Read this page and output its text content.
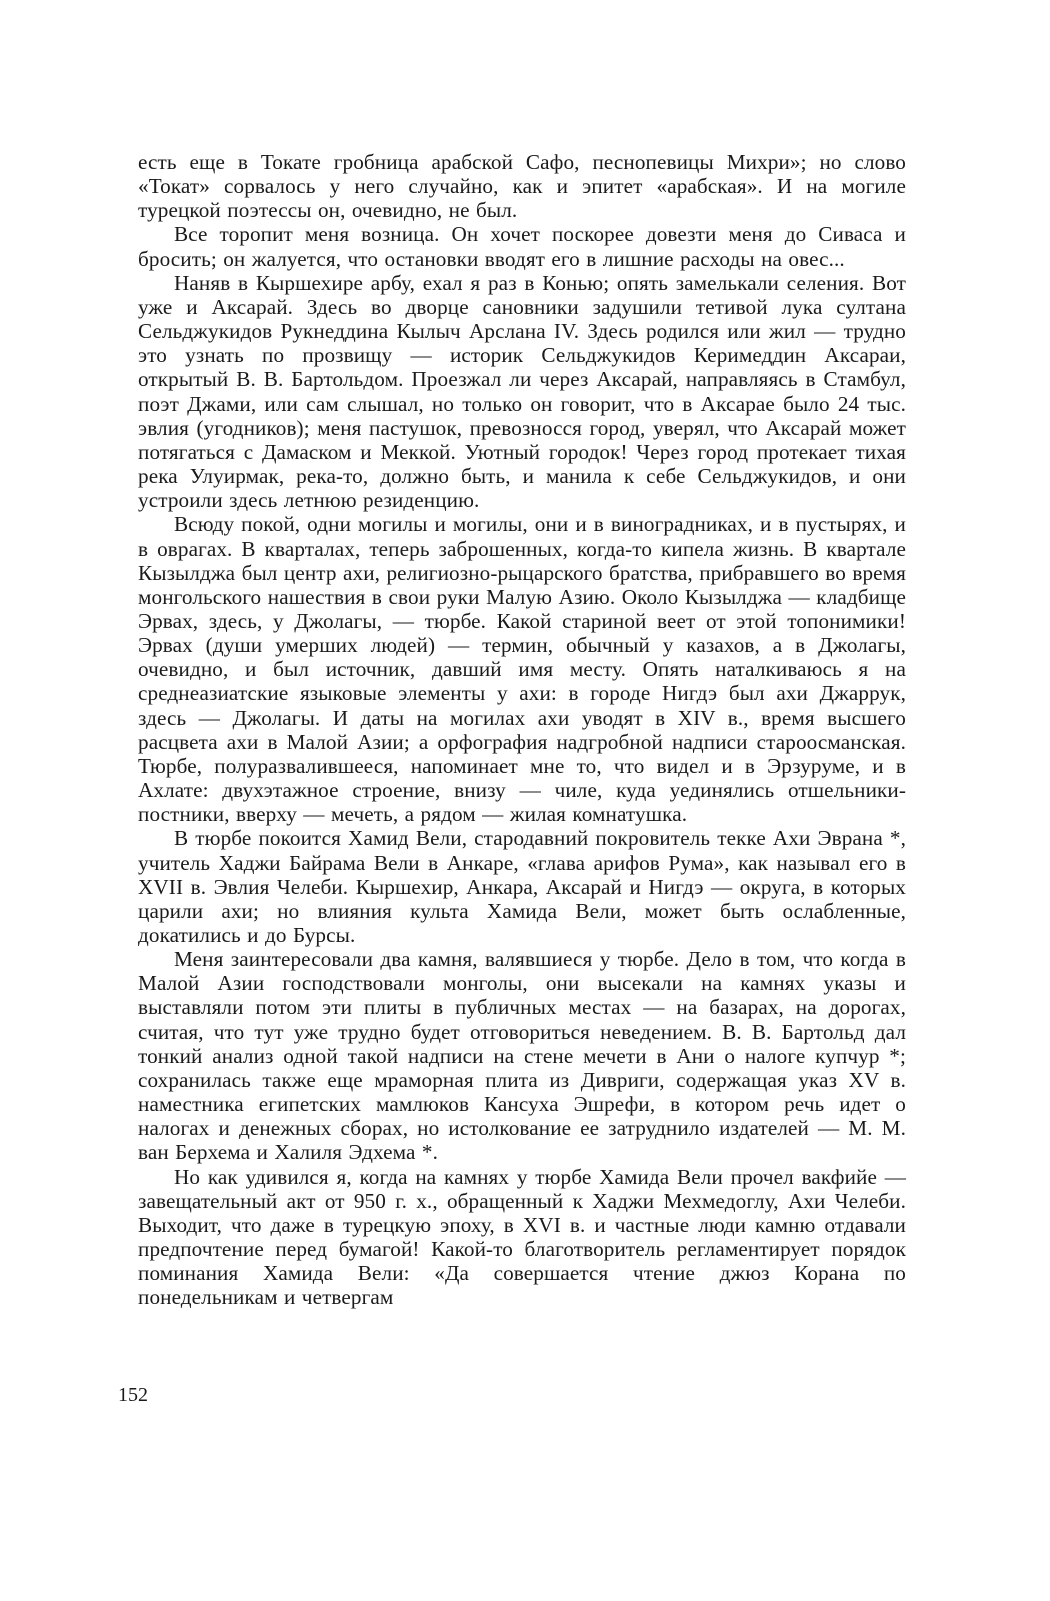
есть еще в Токате гробница арабской Сафо, песнопевицы Михри»; но слово «Токат» сорвалось у него случайно, как и эпитет «арабская». И на могиле турецкой поэтессы он, очевидно, не был.

Все торопит меня возница. Он хочет поскорее довезти меня до Сиваса и бросить; он жалуется, что остановки вводят его в лишние расходы на овес...

Наняв в Кыршехире арбу, ехал я раз в Конью; опять замелькали селения. Вот уже и Аксарай. Здесь во дворце сановники задушили тетивой лука султана Сельджукидов Рукнеддина Кылыч Арслана IV. Здесь родился или жил — трудно это узнать по прозвищу — историк Сельджукидов Керимеддин Аксараи, открытый В. В. Бартольдом. Проезжал ли через Аксарай, направляясь в Стамбул, поэт Джами, или сам слышал, но только он говорит, что в Аксарае было 24 тыс. эвлия (угодников); меня пастушок, превозносся город, уверял, что Аксарай может потягаться с Дамаском и Меккой. Уютный городок! Через город протекает тихая река Улуирмак, река-то, должно быть, и манила к себе Сельджукидов, и они устроили здесь летнюю резиденцию.

Всюду покой, одни могилы и могилы, они и в виноградниках, и в пустырях, и в оврагах. В кварталах, теперь заброшенных, когда-то кипела жизнь. В квартале Кызылджа был центр ахи, религиозно-рыцарского братства, прибравшего во время монгольского нашествия в свои руки Малую Азию. Около Кызылджа — кладбище Эрвах, здесь, у Джолагы, — тюрбе. Какой стариной веет от этой топонимики! Эрвах (души умерших людей) — термин, обычный у казахов, а в Джолагы, очевидно, и был источник, давший имя месту. Опять наталкиваюсь я на среднеазиатские языковые элементы у ахи: в городе Нигдэ был ахи Джаррук, здесь — Джолагы. И даты на могилах ахи уводят в XIV в., время высшего расцвета ахи в Малой Азии; а орфография надгробной надписи староосманская. Тюрбе, полуразвалившееся, напоминает мне то, что видел и в Эрзуруме, и в Ахлате: двухэтажное строение, внизу — чиле, куда уединялись отшельники-постники, вверху — мечеть, а рядом — жилая комнатушка.

В тюрбе покоится Хамид Вели, стародавний покровитель текке Ахи Эврана *, учитель Хаджи Байрама Вели в Анкаре, «глава арифов Рума», как называл его в XVII в. Эвлия Челеби. Кыршехир, Анкара, Аксарай и Нигдэ — округа, в которых царили ахи; но влияния культа Хамида Вели, может быть ослабленные, докатились и до Бурсы.

Меня заинтересовали два камня, валявшиеся у тюрбе. Дело в том, что когда в Малой Азии господствовали монголы, они высекали на камнях указы и выставляли потом эти плиты в публичных местах — на базарах, на дорогах, считая, что тут уже трудно будет отговориться неведением. В. В. Бартольд дал тонкий анализ одной такой надписи на стене мечети в Ани о налоге купчур *; сохранилась также еще мраморная плита из Дивриги, содержащая указ XV в. наместника египетских мамлюков Кансуха Эшрефи, в котором речь идет о налогах и денежных сборах, но истолкование ее затруднило издателей — М. М. ван Берхема и Халиля Эдхема *.

Но как удивился я, когда на камнях у тюрбе Хамида Вели прочел вакфийе — завещательный акт от 950 г. х., обращенный к Хаджи Мехмедоглу, Ахи Челеби. Выходит, что даже в турецкую эпоху, в XVI в. и частные люди камню отдавали предпочтение перед бумагой! Какой-то благотворитель регламентирует порядок поминания Хамида Вели: «Да совершается чтение джюз Корана по понедельникам и четвергам

152
